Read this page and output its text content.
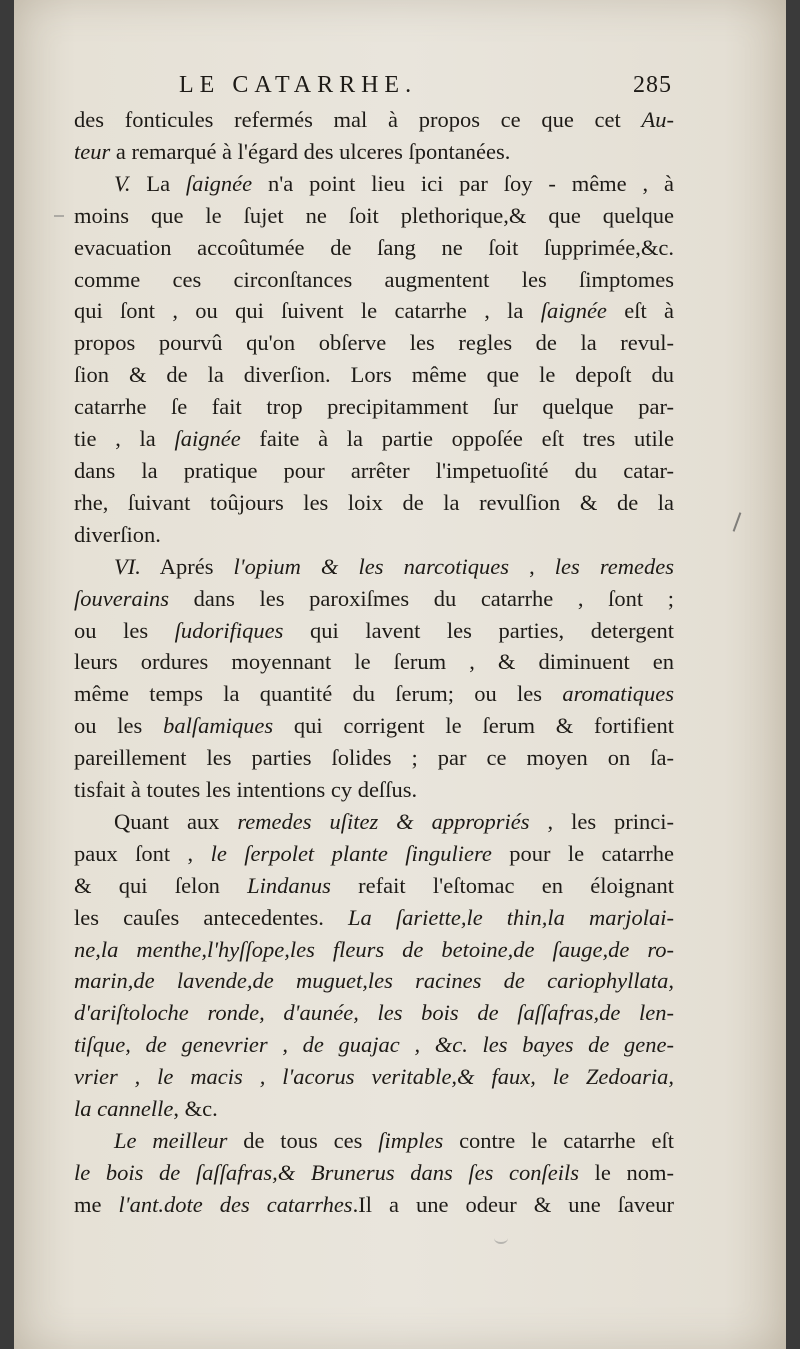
LE CATARRHE.	285
des fonticules refermés mal à propos ce que cet Au-
teur a remarqué à l'égard des ulceres ſpontanées.
V. La ſaignée n'a point lieu ici par ſoy - même , à
moins que le ſujet ne ſoit plethorique,& que quelque
evacuation accoûtumée de ſang ne ſoit ſupprimée,&c.
comme ces circonſtances augmentent les ſimptomes
qui ſont , ou qui ſuivent le catarrhe , la ſaignée eſt à
propos pourvû qu'on obſerve les regles de la revul-
ſion & de la diverſion. Lors même que le depoſt du
catarrhe ſe fait trop precipitamment ſur quelque par-
tie , la ſaignée faite à la partie oppoſée eſt tres utile
dans la pratique pour arrêter l'impetuoſité du catar-
rhe, ſuivant toûjours les loix de la revulſion & de la
diverſion.
VI. Aprés l'opium & les narcotiques , les remedes
ſouverains dans les paroxiſmes du catarrhe , ſont ;
ou les ſudorifiques qui lavent les parties, detergent
leurs ordures moyennant le ſerum , & diminuent en
même temps la quantité du ſerum; ou les aromatiques
ou les balſamiques qui corrigent le ſerum & fortifient
pareillement les parties ſolides ; par ce moyen on ſa-
tisfait à toutes les intentions cy deſſus.
Quant aux remedes uſitez & appropriés , les princi-
paux ſont , le ſerpolet plante ſinguliere pour le catarrhe
& qui ſelon Lindanus refait l'eſtomac en éloignant
les cauſes antecedentes. La ſariette,le thin,la marjolai-
ne,la menthe,l'hyſſope,les fleurs de betoine,de ſauge,de ro-
marin,de lavende,de muguet,les racines de cariophyllata,
d'ariſtoloche ronde, d'aunée, les bois de ſaſſafras,de len-
tiſque, de genevrier , de guajac , &c. les bayes de gene-
vrier , le macis , l'acorus veritable,& faux, le Zedoaria,
la cannelle, &c.
Le meilleur de tous ces ſimples contre le catarrhe eſt
le bois de ſaſſafras,& Brunerus dans ſes conſeils le nom-
me l'ant.dote des catarrhes.Il a une odeur & une ſaveur
